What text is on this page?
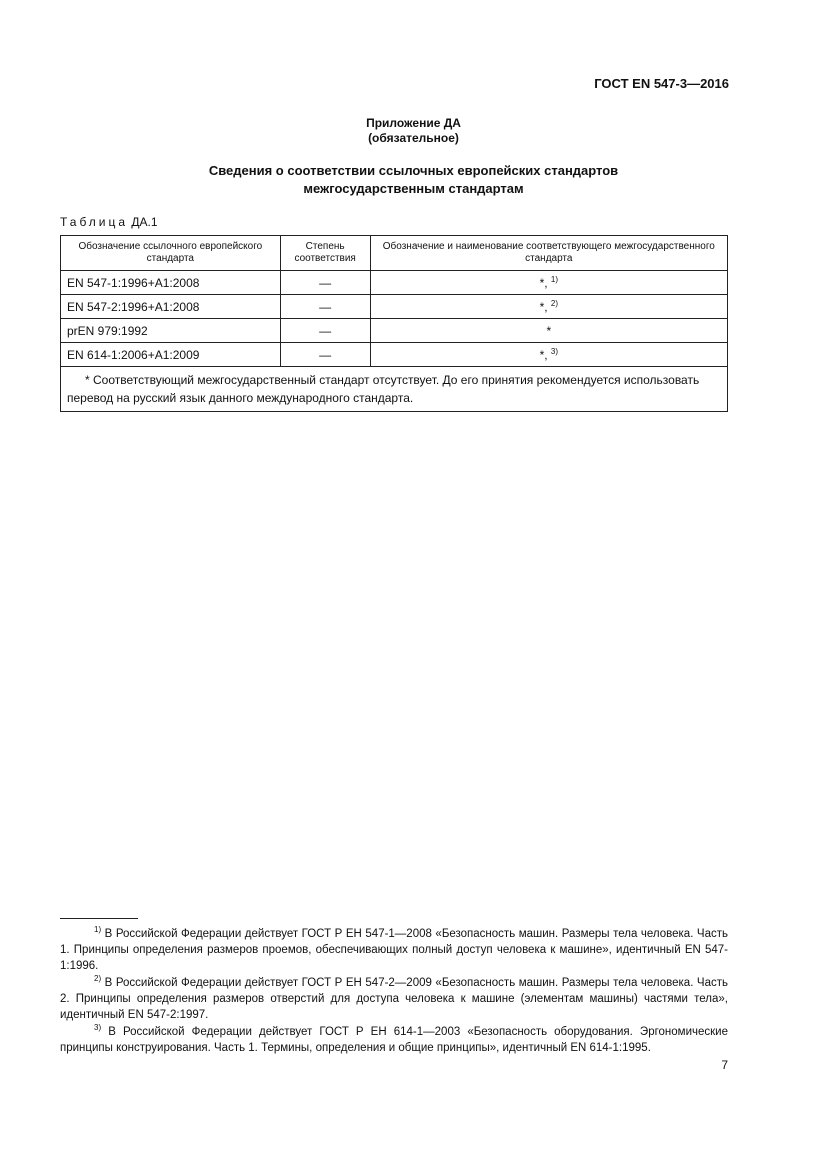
ГОСТ EN 547-3—2016
Приложение ДА
(обязательное)
Сведения о соответствии ссылочных европейских стандартов
межгосударственным стандартам
Таблица ДА.1
Обозначение ссылочного европейского стандарта	Степень соответствия	Обозначение и наименование соответствующего межгосударственного стандарта
EN 547-1:1996+A1:2008	—	*, $^{1)}$
EN 547-2:1996+A1:2008	—	*, $^{2)}$
prEN 979:1992	—	*
EN 614-1:2006+A1:2009	—	*, $^{3)}$
* Соответствующий межгосударственный стандарт отсутствует. До его принятия рекомендуется использовать перевод на русский язык данного международного стандарта.		
$^{1)}$ В Российской Федерации действует ГОСТ Р ЕН 547-1—2008 «Безопасность машин. Размеры тела человека. Часть 1. Принципы определения размеров проемов, обеспечивающих полный доступ человека к машине», идентичный EN 547-1:1996.
$^{2)}$ В Российской Федерации действует ГОСТ Р ЕН 547-2—2009 «Безопасность машин. Размеры тела человека. Часть 2. Принципы определения размеров отверстий для доступа человека к машине (элементам машины) частями тела», идентичный EN 547-2:1997.
$^{3)}$ В Российской Федерации действует ГОСТ Р ЕН 614-1—2003 «Безопасность оборудования. Эргономические принципы конструирования. Часть 1. Термины, определения и общие принципы», идентичный EN 614-1:1995.
7
